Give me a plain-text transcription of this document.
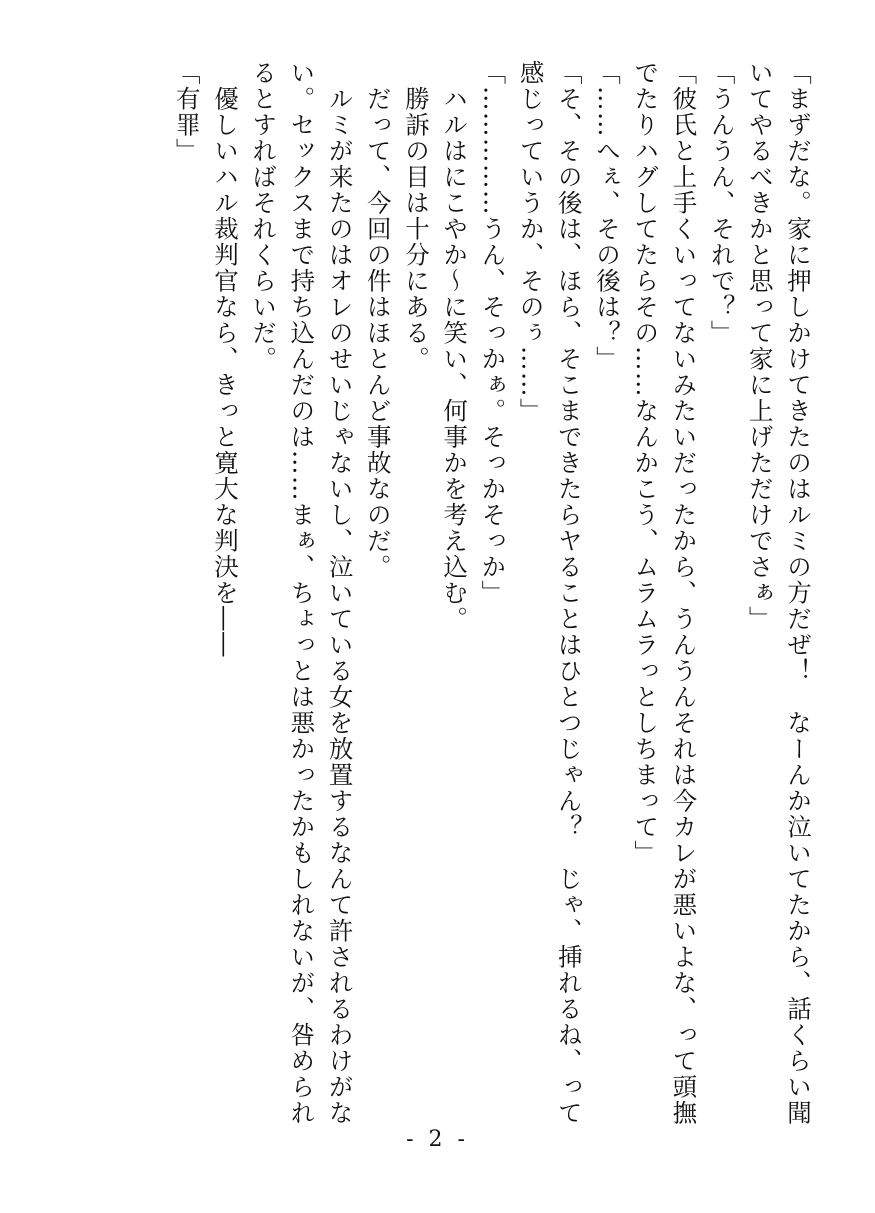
「まずだな。家に押しかけてきたのはルミの方だぜ！　なーんか泣いてたから、話くらい聞
いてやるべきかと思って家に上げただけでさぁ」
「うんうん、それで？」
「彼氏と上手くいってないみたいだったから、うんうんそれは今カレが悪いよな、って頭撫
でたりハグしてたらその……なんかこう、ムラムラっとしちまって」
「……へぇ、その後は？」
「そ、その後は、ほら、そこまできたらヤることはひとつじゃん？　じゃ、挿れるね、って
感じっていうか、そのぅ……」
「……………うん、そっかぁ。そっかそっか」
ハルはにこやか〜に笑い、何事かを考え込む。
勝訴の目は十分にある。
だって、今回の件はほとんど事故なのだ。
ルミが来たのはオレのせいじゃないし、泣いている女を放置するなんて許されるわけがな
い。セックスまで持ち込んだのは……まぁ、ちょっとは悪かったかもしれないが、咎められ
るとすればそれくらいだ。
優しいハル裁判官なら、きっと寛大な判決を――
「有罪」
- 2 -
